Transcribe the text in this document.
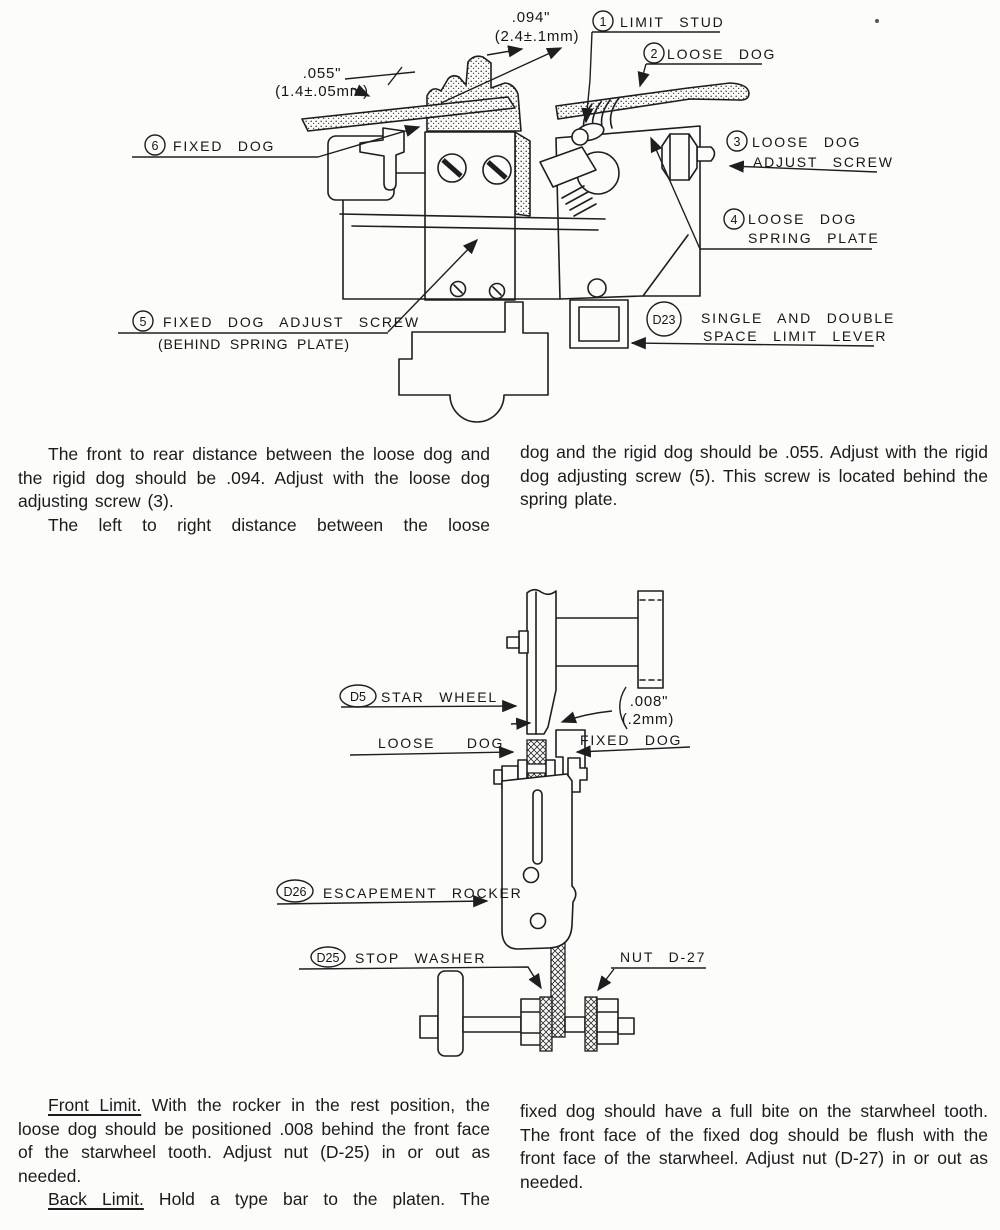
.094"
(2.4±.1mm)
.055"
(1.4±.05mm)
1 LIMIT STUD
2 LOOSE DOG
3 LOOSE DOG
ADJUST SCREW
4 LOOSE DOG
SPRING PLATE
6 FIXED DOG
5 FIXED DOG ADJUST SCREW
(BEHIND SPRING PLATE)
D23 SINGLE AND DOUBLE
SPACE LIMIT LEVER
D5 STAR WHEEL	.008"
(.2mm)
LOOSE DOG	FIXED DOG
D26 ESCAPEMENT ROCKER
D25 STOP WASHER	NUT D-27

The front to rear distance between the loose dog and the rigid dog should be .094. Adjust with the loose dog adjusting screw (3).

The left to right distance between the loose

dog and the rigid dog should be .055. Adjust with the rigid dog adjusting screw (5). This screw is located behind the spring plate.

Front Limit. With the rocker in the rest position, the loose dog should be positioned .008 behind the front face of the starwheel tooth. Adjust nut (D-25) in or out as needed.

Back Limit. Hold a type bar to the platen. The

fixed dog should have a full bite on the starwheel tooth. The front face of the fixed dog should be flush with the front face of the starwheel. Adjust nut (D-27) in or out as needed.
